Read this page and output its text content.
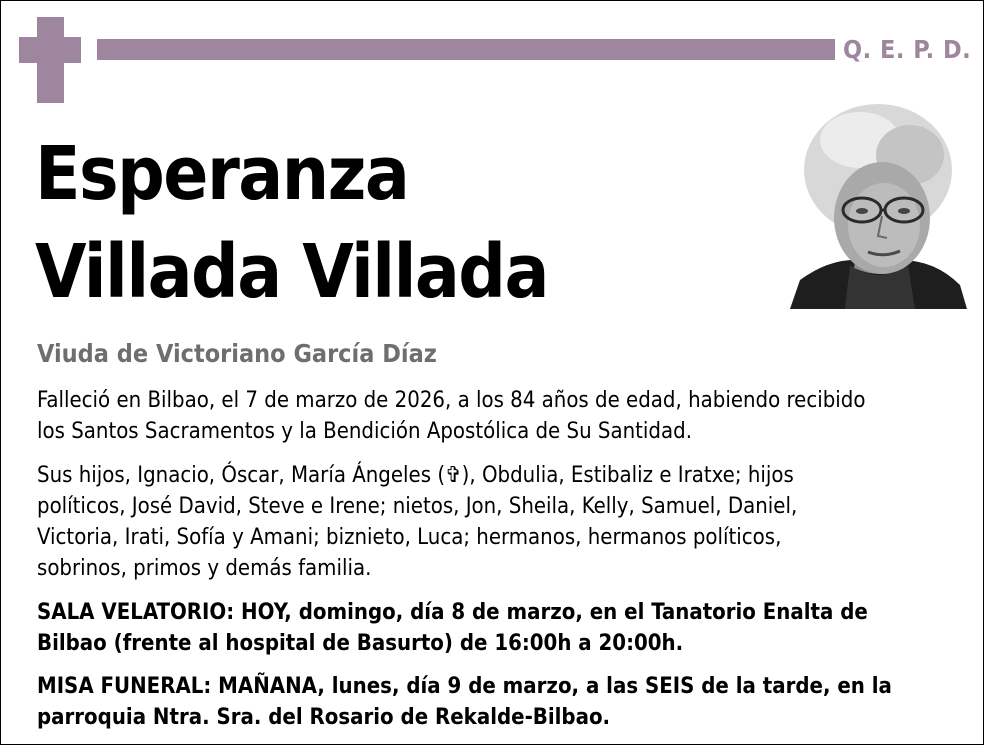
Q. E. P. D.
Esperanza
Villada Villada
Viuda de Victoriano García Díaz
Falleció en Bilbao, el 7 de marzo de 2026, a los 84 años de edad, habiendo recibido
los Santos Sacramentos y la Bendición Apostólica de Su Santidad.
Sus hijos, Ignacio, Óscar, María Ángeles (✞), Obdulia, Estibaliz e Iratxe; hijos
políticos, José David, Steve e Irene; nietos, Jon, Sheila, Kelly, Samuel, Daniel,
Victoria, Irati, Sofía y Amani; biznieto, Luca; hermanos, hermanos políticos,
sobrinos, primos y demás familia.
SALA VELATORIO: HOY, domingo, día 8 de marzo, en el Tanatorio Enalta de
Bilbao (frente al hospital de Basurto) de 16:00h a 20:00h.
MISA FUNERAL: MAÑANA, lunes, día 9 de marzo, a las SEIS de la tarde, en la
parroquia Ntra. Sra. del Rosario de Rekalde-Bilbao.
